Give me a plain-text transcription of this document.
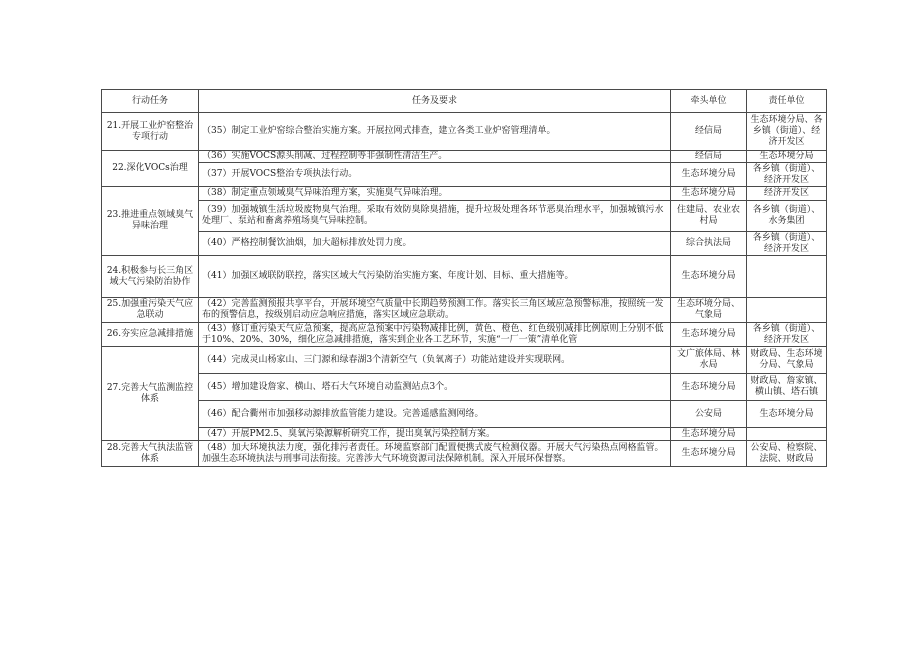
行动任务	任务及要求	牵头单位	责任单位
21.开展工业炉窑整治专项行动	（35）制定工业炉窑综合整治实施方案。开展拉网式排查，建立各类工业炉窑管理清单。	经信局	生态环境分局、各乡镇（街道）、经济开发区
22.深化VOCs治理	（36）实施VOCS源头削减、过程控制等非强制性清洁生产。	经信局	生态环境分局
	（37）开展VOCS整治专项执法行动。	生态环境分局	各乡镇（街道）、经济开发区
23.推进重点领域臭气异味治理	（38）制定重点领域臭气异味治理方案，实施臭气异味治理。	生态环境分局	经济开发区
	（39）加强城镇生活垃圾废物臭气治理。采取有效防臭除臭措施，提升垃圾处理各环节恶臭治理水平，加强城镇污水处理厂、泵站和畜禽养殖场臭气异味控制。	住建局、农业农村局	各乡镇（街道）、水务集团
	（40）严格控制餐饮油烟，加大超标排放处罚力度。	综合执法局	各乡镇（街道）、经济开发区
24.积极参与长三角区域大气污染防治协作	（41）加强区域联防联控，落实区域大气污染防治实施方案、年度计划、目标、重大措施等。	生态环境分局	
25.加强重污染天气应急联动	（42）完善监测预报共享平台，开展环境空气质量中长期趋势预测工作。落实长三角区域应急预警标准，按照统一发布的预警信息，按级别启动应急响应措施，落实区域应急联动。	生态环境分局、气象局	
26.夯实应急减排措施	（43）修订重污染天气应急预案，提高应急预案中污染物减排比例，黄色、橙色、红色级别减排比例原则上分别不低于10%、20%、30%，细化应急减排措施，落实到企业各工艺环节，实施“一厂一策”清单化管	生态环境分局	各乡镇（街道）、经济开发区
27.完善大气监测监控体系	（44）完成灵山杨家山、三门源和绿春湖3个清新空气（负氧离子）功能站建设并实现联网。	文广旅体局、林水局	财政局、生态环境分局、气象局
	（45）增加建设詹家、横山、塔石大气环境自动监测站点3个。	生态环境分局	财政局、詹家镇、横山镇、塔石镇
	（46）配合衢州市加强移动源排放监管能力建设。完善遥感监测网络。	公安局	生态环境分局
	（47）开展PM2.5、臭氧污染源解析研究工作，提出臭氧污染控制方案。	生态环境分局	
28.完善大气执法监管体系	（48）加大环境执法力度，强化排污者责任。环境监察部门配置便携式废气检测仪器。开展大气污染热点网格监管。加强生态环境执法与刑事司法衔接。完善涉大气环境资源司法保障机制。深入开展环保督察。	生态环境分局	公安局、检察院、法院、财政局
